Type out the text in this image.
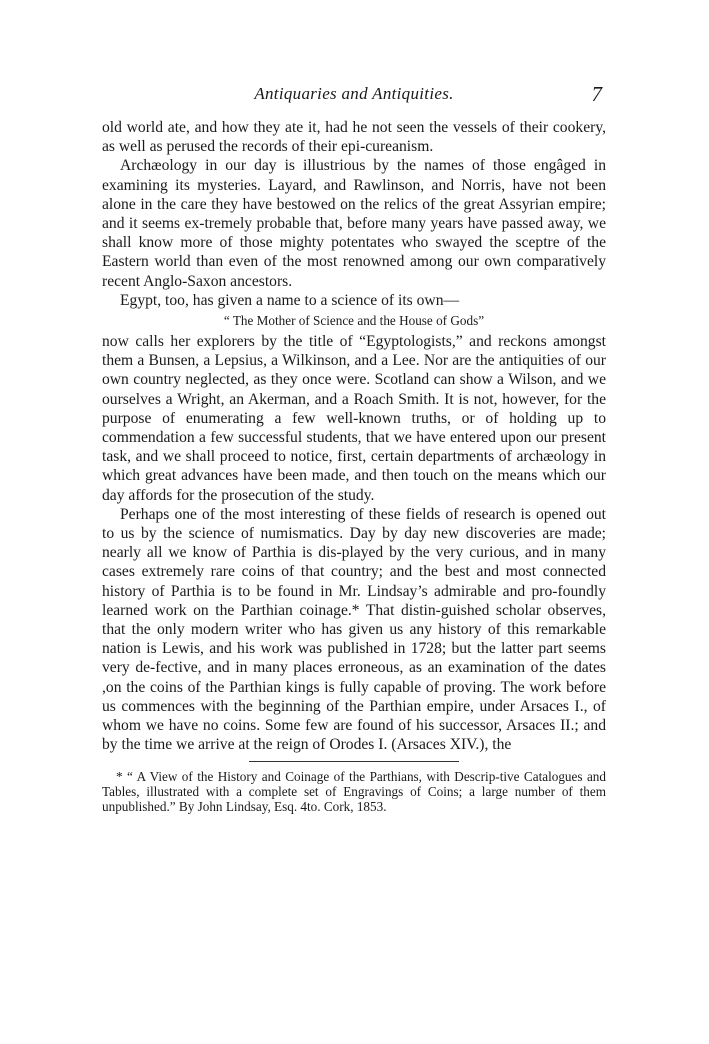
Antiquaries and Antiquities.	7

old world ate, and how they ate it, had he not seen the vessels of their cookery, as well as perused the records of their epi-cureanism.

Archæology in our day is illustrious by the names of those engâged in examining its mysteries. Layard, and Rawlinson, and Norris, have not been alone in the care they have bestowed on the relics of the great Assyrian empire; and it seems ex-tremely probable that, before many years have passed away, we shall know more of those mighty potentates who swayed the sceptre of the Eastern world than even of the most renowned among our own comparatively recent Anglo-Saxon ancestors.

Egypt, too, has given a name to a science of its own—

“ The Mother of Science and the House of Gods”

now calls her explorers by the title of “Egyptologists,” and reckons amongst them a Bunsen, a Lepsius, a Wilkinson, and a Lee. Nor are the antiquities of our own country neglected, as they once were. Scotland can show a Wilson, and we ourselves a Wright, an Akerman, and a Roach Smith. It is not, however, for the purpose of enumerating a few well-known truths, or of holding up to commendation a few successful students, that we have entered upon our present task, and we shall proceed to notice, first, certain departments of archæology in which great advances have been made, and then touch on the means which our day affords for the prosecution of the study.

Perhaps one of the most interesting of these fields of research is opened out to us by the science of numismatics. Day by day new discoveries are made; nearly all we know of Parthia is dis-played by the very curious, and in many cases extremely rare coins of that country; and the best and most connected history of Parthia is to be found in Mr. Lindsay’s admirable and pro-foundly learned work on the Parthian coinage.* That distin-guished scholar observes, that the only modern writer who has given us any history of this remarkable nation is Lewis, and his work was published in 1728; but the latter part seems very de-fective, and in many places erroneous, as an examination of the dates ,on the coins of the Parthian kings is fully capable of proving. The work before us commences with the beginning of the Parthian empire, under Arsaces I., of whom we have no coins. Some few are found of his successor, Arsaces II.; and by the time we arrive at the reign of Orodes I. (Arsaces XIV.), the

* “ A View of the History and Coinage of the Parthians, with Descrip-tive Catalogues and Tables, illustrated with a complete set of Engravings of Coins; a large number of them unpublished.” By John Lindsay, Esq. 4to. Cork, 1853.
